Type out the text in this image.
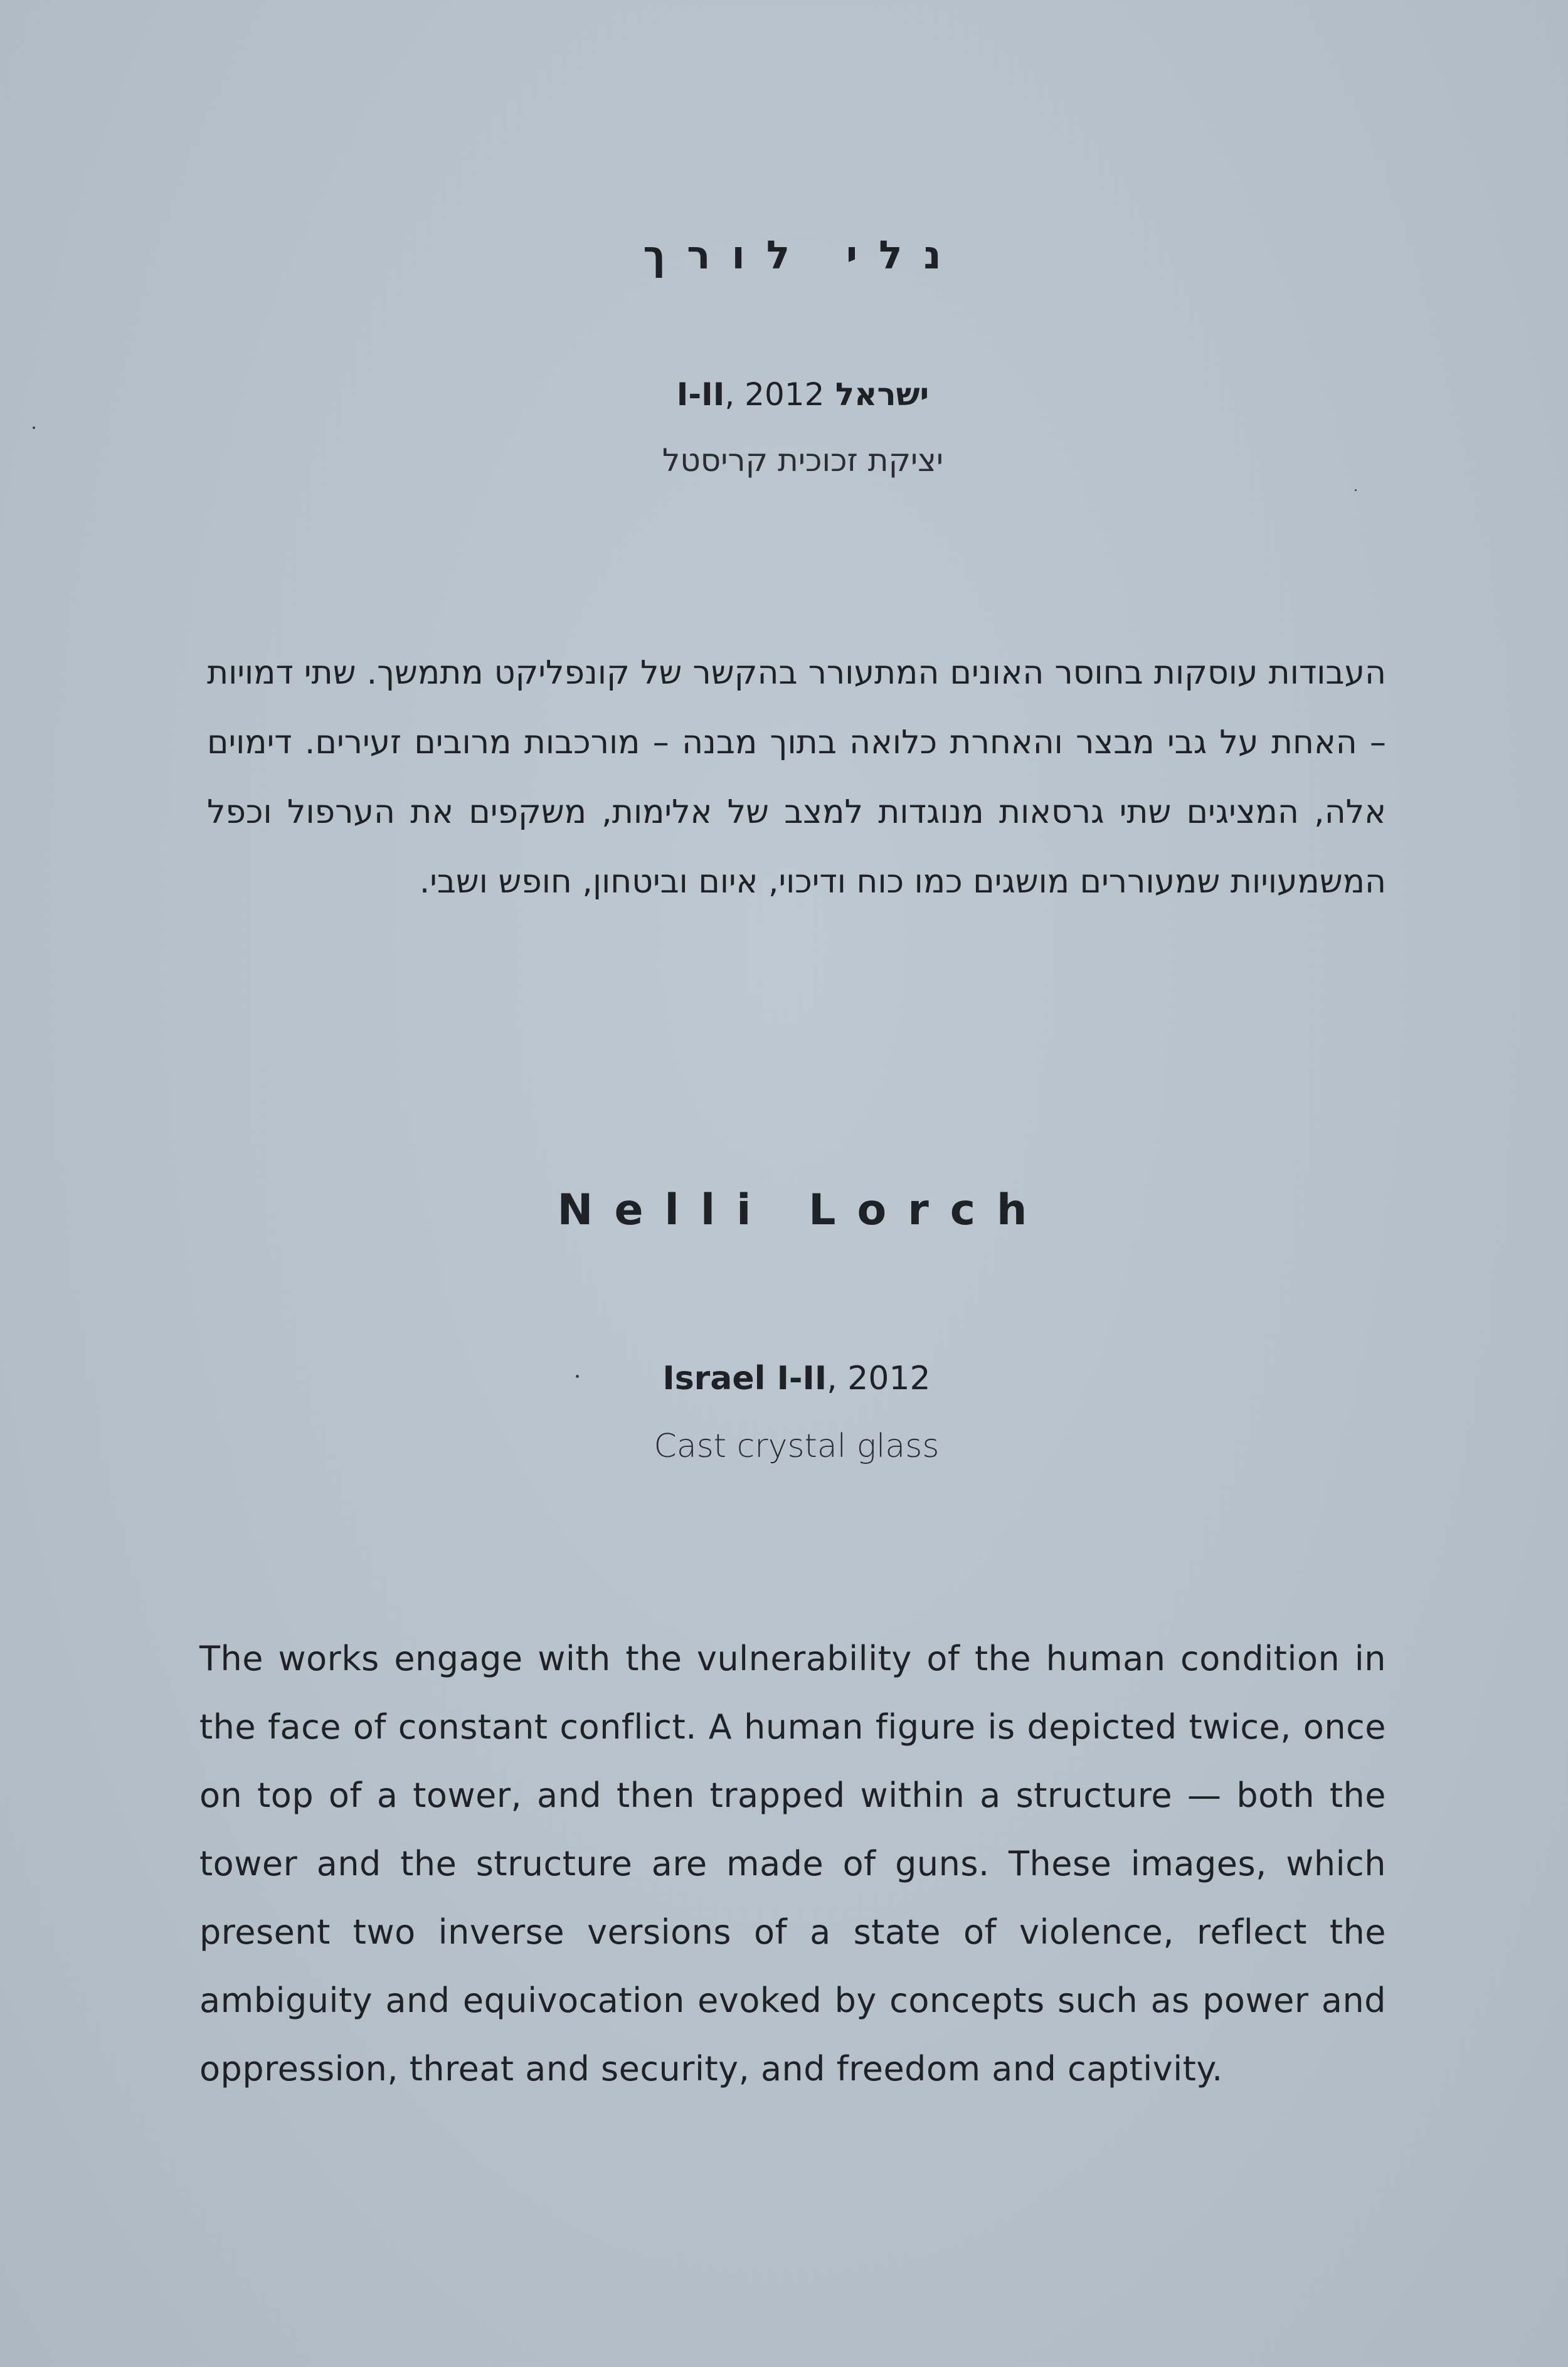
נלי לורך
ישראל I-II, 2012
יציקת זכוכית קריסטל
העבודות עוסקות בחוסר האונים המתעורר בהקשר של קונפליקט מתמשך. שתי דמויות – האחת על גבי מבצר והאחרת כלואה בתוך מבנה – מורכבות מרובים זעירים. דימוים אלה, המציגים שתי גרסאות מנוגדות למצב של אלימות, משקפים את הערפול וכפל המשמעויות שמעוררים מושגים כמו כוח ודיכוי, איום וביטחון, חופש ושבי.
Nelli Lorch
Israel I-II, 2012
Cast crystal glass
The works engage with the vulnerability of the human condition in the face of constant conflict. A human figure is depicted twice, once on top of a tower, and then trapped within a structure — both the tower and the structure are made of guns. These images, which present two inverse versions of a state of violence, reflect the ambiguity and equivocation evoked by concepts such as power and oppression, threat and security, and freedom and captivity.
